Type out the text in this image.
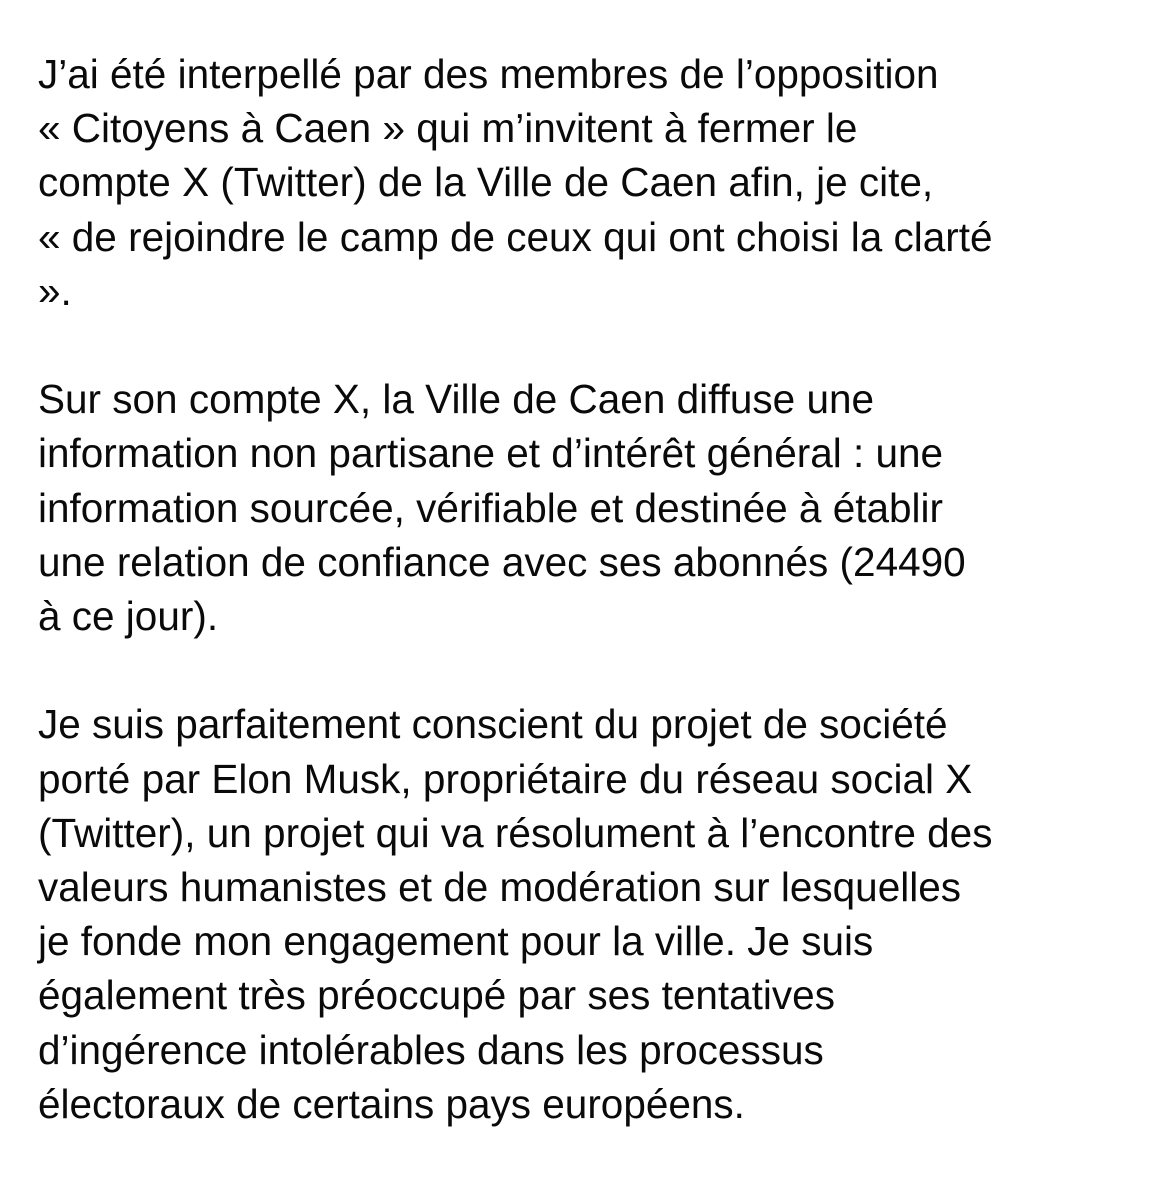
J’ai été interpellé par des membres de l’opposition
« Citoyens à Caen » qui m’invitent à fermer le
compte X (Twitter) de la Ville de Caen afin, je cite,
« de rejoindre le camp de ceux qui ont choisi la clarté
».

Sur son compte X, la Ville de Caen diffuse une
information non partisane et d’intérêt général : une
information sourcée, vérifiable et destinée à établir
une relation de confiance avec ses abonnés (24490
à ce jour).

Je suis parfaitement conscient du projet de société
porté par Elon Musk, propriétaire du réseau social X
(Twitter), un projet qui va résolument à l’encontre des
valeurs humanistes et de modération sur lesquelles
je fonde mon engagement pour la ville. Je suis
également très préoccupé par ses tentatives
d’ingérence intolérables dans les processus
électoraux de certains pays européens.
